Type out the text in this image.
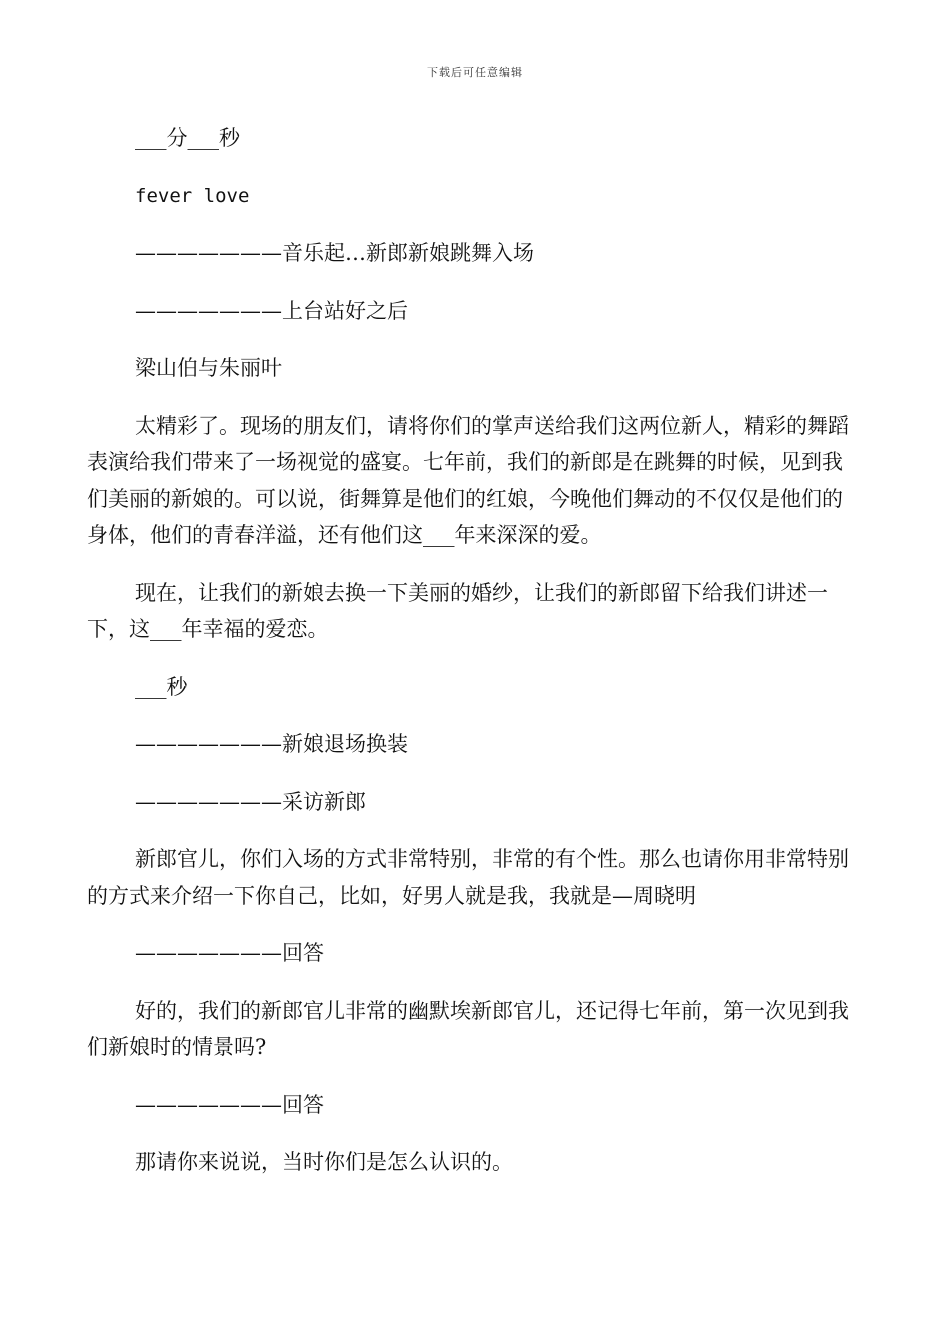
下载后可任意编辑

___分___秒

fever love

———————音乐起…新郎新娘跳舞入场

———————上台站好之后

梁山伯与朱丽叶

太精彩了。现场的朋友们，请将你们的掌声送给我们这两位新人，精彩的舞蹈表演给我们带来了一场视觉的盛宴。七年前，我们的新郎是在跳舞的时候，见到我们美丽的新娘的。可以说，街舞算是他们的红娘，今晚他们舞动的不仅仅是他们的身体，他们的青春洋溢，还有他们这___年来深深的爱。

现在，让我们的新娘去换一下美丽的婚纱，让我们的新郎留下给我们讲述一下，这___年幸福的爱恋。

___秒

———————新娘退场换装

———————采访新郎

新郎官儿，你们入场的方式非常特别，非常的有个性。那么也请你用非常特别的方式来介绍一下你自己，比如，好男人就是我，我就是—周晓明

———————回答

好的，我们的新郎官儿非常的幽默埃新郎官儿，还记得七年前，第一次见到我们新娘时的情景吗?

———————回答

那请你来说说，当时你们是怎么认识的。
